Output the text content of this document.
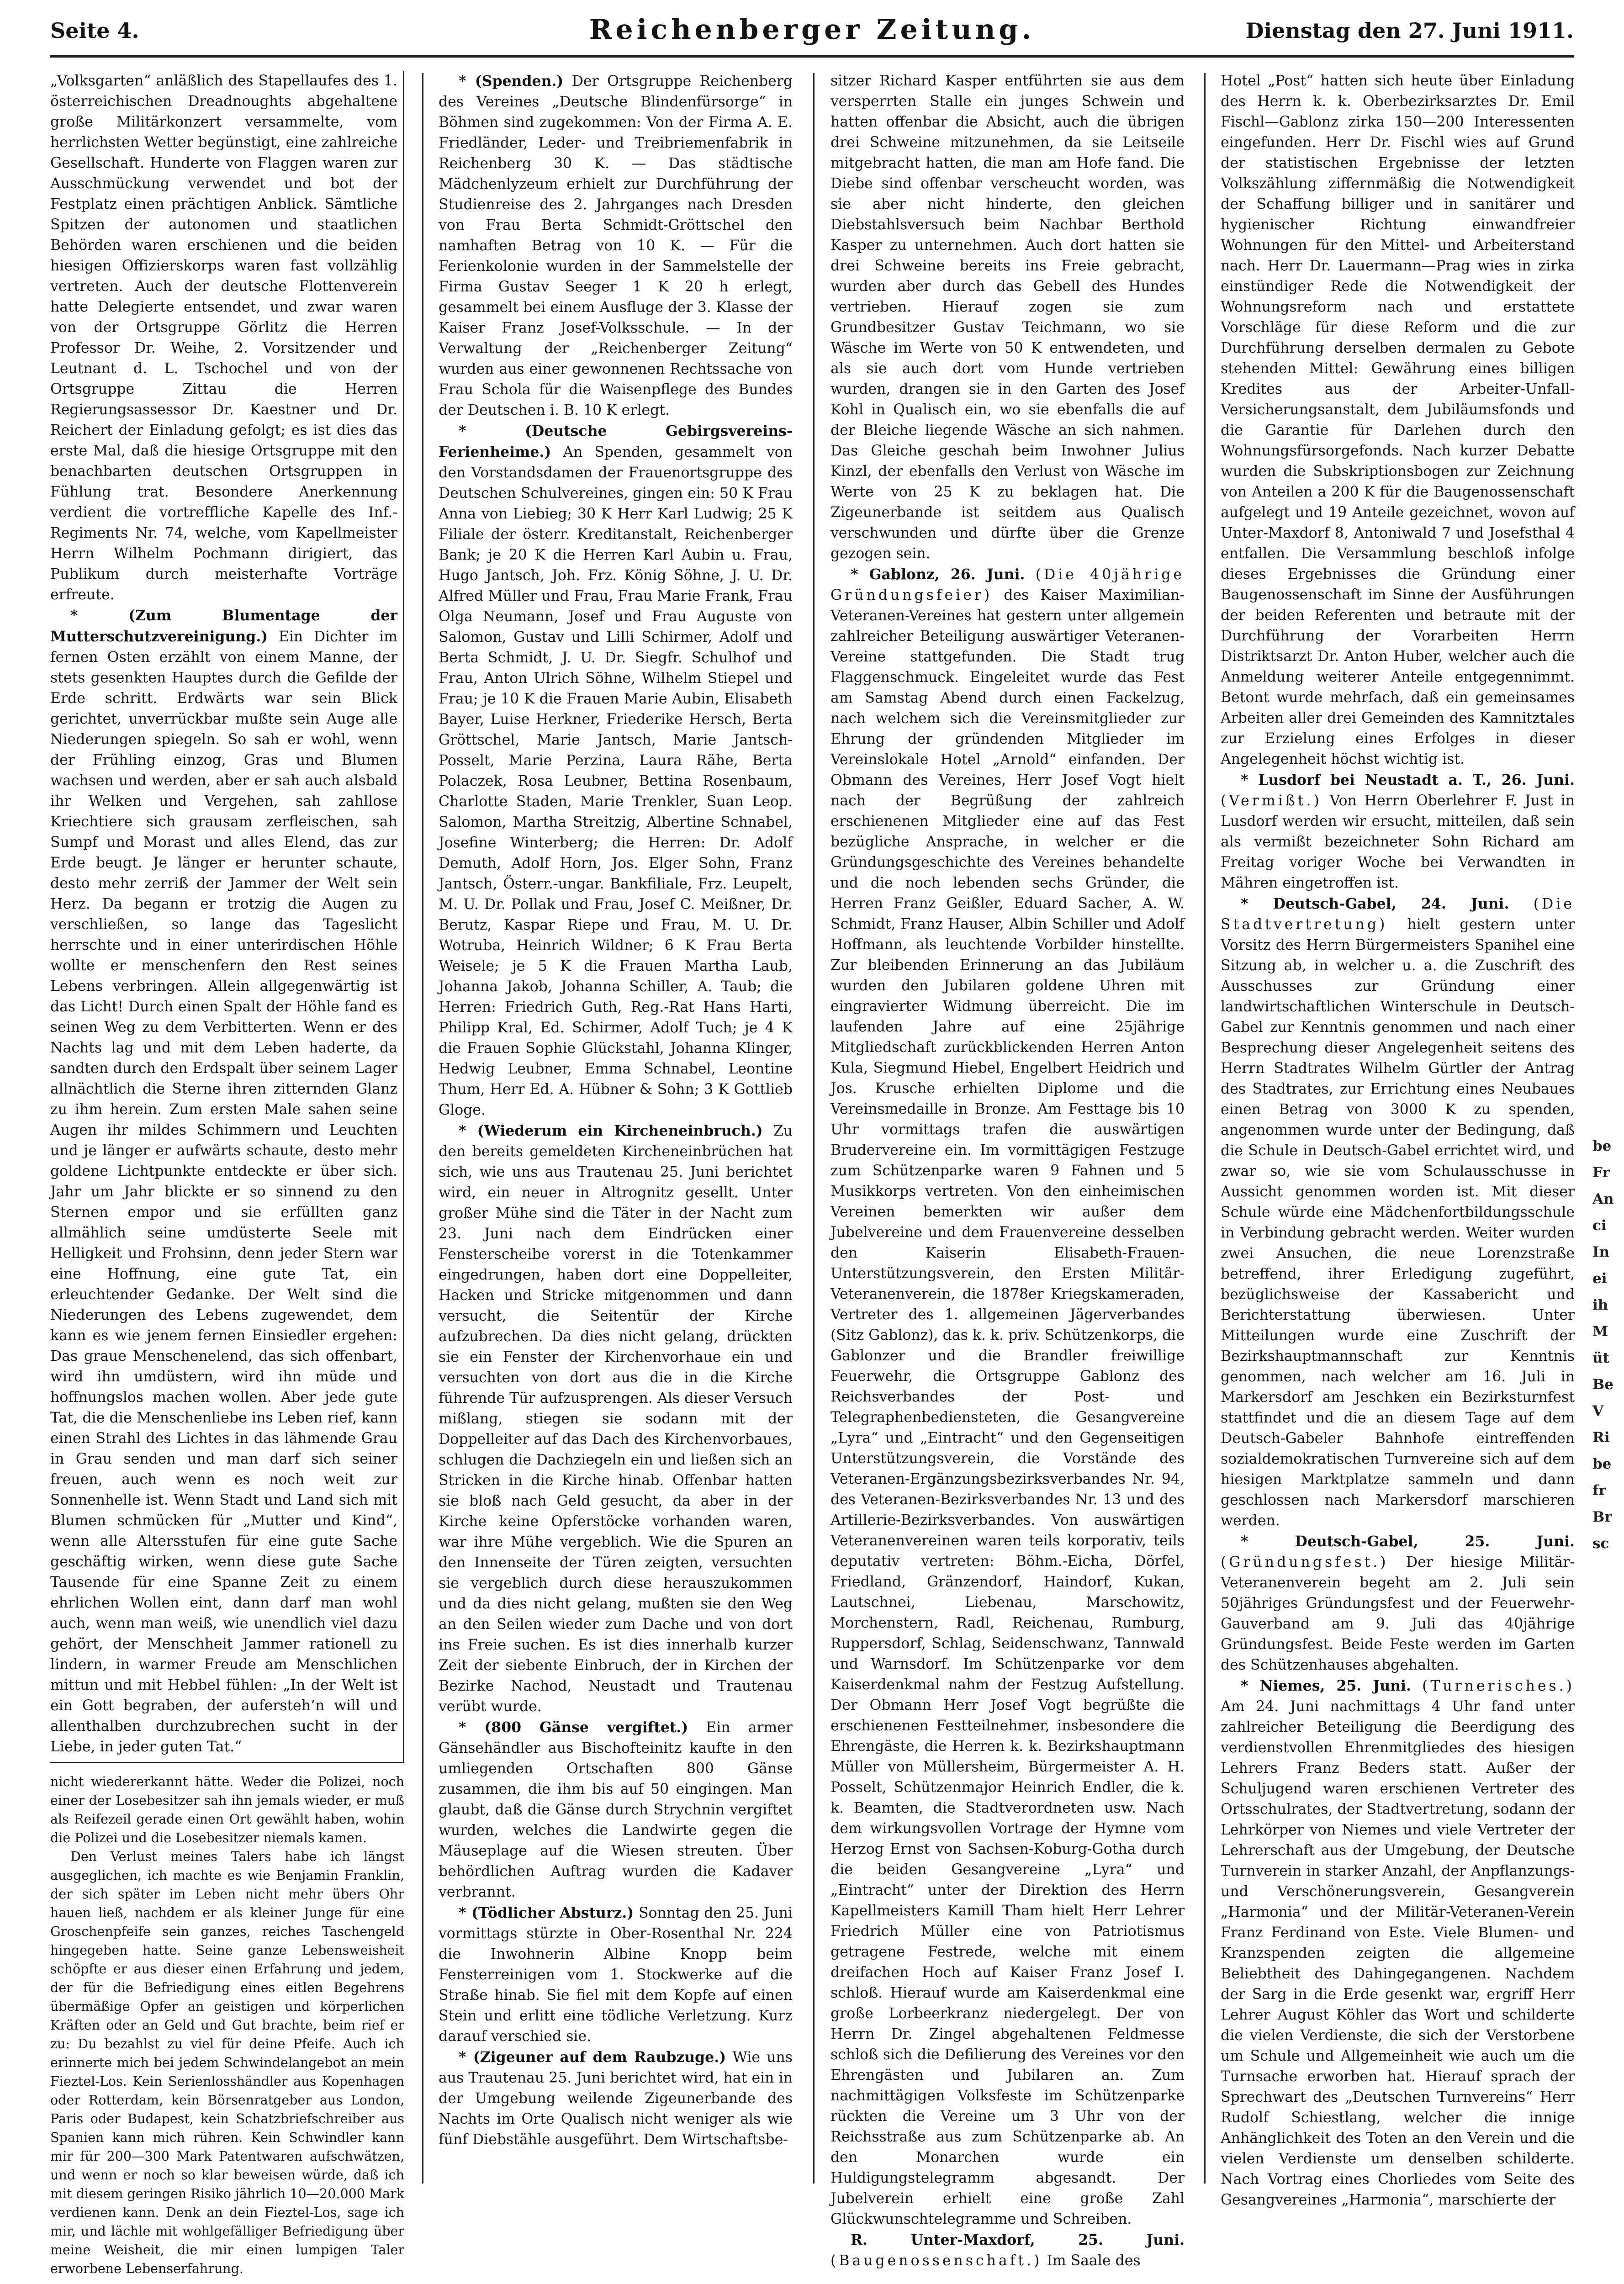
Seite 4.	Reichenberger Zeitung.	Dienstag den 27. Juni 1911.

„Volksgarten“ anläßlich des Stapellaufes des 1. österreichischen Dreadnoughts abgehaltene große Militärkonzert versammelte, vom herrlichsten Wetter begünstigt, eine zahlreiche Gesellschaft. Hunderte von Flaggen waren zur Ausschmückung verwendet und bot der Festplatz einen prächtigen Anblick. Sämtliche Spitzen der autonomen und staatlichen Behörden waren erschienen und die beiden hiesigen Offizierskorps waren fast vollzählig vertreten. Auch der deutsche Flottenverein hatte Delegierte entsendet, und zwar waren von der Ortsgruppe Görlitz die Herren Professor Dr. Weihe, 2. Vorsitzender und Leutnant d. L. Tschochel und von der Ortsgruppe Zittau die Herren Regierungsassessor Dr. Kaestner und Dr. Reichert der Einladung gefolgt; es ist dies das erste Mal, daß die hiesige Ortsgruppe mit den benachbarten deutschen Ortsgruppen in Fühlung trat. Besondere Anerkennung verdient die vortreffliche Kapelle des Inf.-Regiments Nr. 74, welche, vom Kapellmeister Herrn Wilhelm Pochmann dirigiert, das Publikum durch meisterhafte Vorträge erfreute.

* (Zum Blumentage der Mutterschutzvereinigung.) Ein Dichter im fernen Osten erzählt von einem Manne, der stets gesenkten Hauptes durch die Gefilde der Erde schritt. Erdwärts war sein Blick gerichtet, unverrückbar mußte sein Auge alle Niederungen spiegeln. So sah er wohl, wenn der Frühling einzog, Gras und Blumen wachsen und werden, aber er sah auch alsbald ihr Welken und Vergehen, sah zahllose Kriechtiere sich grausam zerfleischen, sah Sumpf und Morast und alles Elend, das zur Erde beugt. Je länger er herunter schaute, desto mehr zerriß der Jammer der Welt sein Herz. Da begann er trotzig die Augen zu verschließen, so lange das Tageslicht herrschte und in einer unterirdischen Höhle wollte er menschenfern den Rest seines Lebens verbringen. Allein allgegenwärtig ist das Licht! Durch einen Spalt der Höhle fand es seinen Weg zu dem Verbitterten. Wenn er des Nachts lag und mit dem Leben haderte, da sandten durch den Erdspalt über seinem Lager allnächtlich die Sterne ihren zitternden Glanz zu ihm herein. Zum ersten Male sahen seine Augen ihr mildes Schimmern und Leuchten und je länger er aufwärts schaute, desto mehr goldene Lichtpunkte entdeckte er über sich. Jahr um Jahr blickte er so sinnend zu den Sternen empor und sie erfüllten ganz allmählich seine umdüsterte Seele mit Helligkeit und Frohsinn, denn jeder Stern war eine Hoffnung, eine gute Tat, ein erleuchtender Gedanke. Der Welt sind die Niederungen des Lebens zugewendet, dem kann es wie jenem fernen Einsiedler ergehen: Das graue Menschenelend, das sich offenbart, wird ihn umdüstern, wird ihn müde und hoffnungslos machen wollen. Aber jede gute Tat, die die Menschenliebe ins Leben rief, kann einen Strahl des Lichtes in das lähmende Grau in Grau senden und man darf sich seiner freuen, auch wenn es noch weit zur Sonnenhelle ist. Wenn Stadt und Land sich mit Blumen schmücken für „Mutter und Kind“, wenn alle Altersstufen für eine gute Sache geschäftig wirken, wenn diese gute Sache Tausende für eine Spanne Zeit zu einem ehrlichen Wollen eint, dann darf man wohl auch, wenn man weiß, wie unendlich viel dazu gehört, der Menschheit Jammer rationell zu lindern, in warmer Freude am Menschlichen mittun und mit Hebbel fühlen: „In der Welt ist ein Gott begraben, der aufersteh’n will und allenthalben durchzubrechen sucht in der Liebe, in jeder guten Tat.“

nicht wiedererkannt hätte. Weder die Polizei, noch einer der Losebesitzer sah ihn jemals wieder, er muß als Reifezeil gerade einen Ort gewählt haben, wohin die Polizei und die Losebesitzer niemals kamen.

Den Verlust meines Talers habe ich längst ausgeglichen, ich machte es wie Benjamin Franklin, der sich später im Leben nicht mehr übers Ohr hauen ließ, nachdem er als kleiner Junge für eine Groschenpfeife sein ganzes, reiches Taschengeld hingegeben hatte. Seine ganze Lebensweisheit schöpfte er aus dieser einen Erfahrung und jedem, der für die Befriedigung eines eitlen Begehrens übermäßige Opfer an geistigen und körperlichen Kräften oder an Geld und Gut brachte, beim rief er zu: Du bezahlst zu viel für deine Pfeife. Auch ich erinnerte mich bei jedem Schwindelangebot an mein Fieztel-Los. Kein Serienlosshändler aus Kopenhagen oder Rotterdam, kein Börsenratgeber aus London, Paris oder Budapest, kein Schatzbriefschreiber aus Spanien kann mich rühren. Kein Schwindler kann mir für 200—300 Mark Patentwaren aufschwätzen, und wenn er noch so klar beweisen würde, daß ich mit diesem geringen Risiko jährlich 10—20.000 Mark verdienen kann. Denk an dein Fieztel-Los, sage ich mir, und lächle mit wohlgefälliger Befriedigung über meine Weisheit, die mir einen lumpigen Taler erworbene Lebenserfahrung.

* (Spenden.) Der Ortsgruppe Reichenberg des Vereines „Deutsche Blindenfürsorge“ in Böhmen sind zugekommen: Von der Firma A. E. Friedländer, Leder- und Treibriemenfabrik in Reichenberg 30 K. — Das städtische Mädchenlyzeum erhielt zur Durchführung der Studienreise des 2. Jahrganges nach Dresden von Frau Berta Schmidt-Gröttschel den namhaften Betrag von 10 K. — Für die Ferienkolonie wurden in der Sammelstelle der Firma Gustav Seeger 1 K 20 h erlegt, gesammelt bei einem Ausfluge der 3. Klasse der Kaiser Franz Josef-Volksschule. — In der Verwaltung der „Reichenberger Zeitung“ wurden aus einer gewonnenen Rechtssache von Frau Schola für die Waisenpflege des Bundes der Deutschen i. B. 10 K erlegt.

* (Deutsche Gebirgsvereins-Ferienheime.) An Spenden, gesammelt von den Vorstandsdamen der Frauenortsgruppe des Deutschen Schulvereines, gingen ein: 50 K Frau Anna von Liebieg; 30 K Herr Karl Ludwig; 25 K Filiale der österr. Kreditanstalt, Reichenberger Bank; je 20 K die Herren Karl Aubin u. Frau, Hugo Jantsch, Joh. Frz. König Söhne, J. U. Dr. Alfred Müller und Frau, Frau Marie Frank, Frau Olga Neumann, Josef und Frau Auguste von Salomon, Gustav und Lilli Schirmer, Adolf und Berta Schmidt, J. U. Dr. Siegfr. Schulhof und Frau, Anton Ulrich Söhne, Wilhelm Stiepel und Frau; je 10 K die Frauen Marie Aubin, Elisabeth Bayer, Luise Herkner, Friederike Hersch, Berta Gröttschel, Marie Jantsch, Marie Jantsch-Posselt, Marie Perzina, Laura Rähe, Berta Polaczek, Rosa Leubner, Bettina Rosenbaum, Charlotte Staden, Marie Trenkler, Suan Leop. Salomon, Martha Streitzig, Albertine Schnabel, Josefine Winterberg; die Herren: Dr. Adolf Demuth, Adolf Horn, Jos. Elger Sohn, Franz Jantsch, Österr.-ungar. Bankfiliale, Frz. Leupelt, M. U. Dr. Pollak und Frau, Josef C. Meißner, Dr. Berutz, Kaspar Riepe und Frau, M. U. Dr. Wotruba, Heinrich Wildner; 6 K Frau Berta Weisele; je 5 K die Frauen Martha Laub, Johanna Jakob, Johanna Schiller, A. Taub; die Herren: Friedrich Guth, Reg.-Rat Hans Harti, Philipp Kral, Ed. Schirmer, Adolf Tuch; je 4 K die Frauen Sophie Glückstahl, Johanna Klinger, Hedwig Leubner, Emma Schnabel, Leontine Thum, Herr Ed. A. Hübner & Sohn; 3 K Gottlieb Gloge.

* (Wiederum ein Kircheneinbruch.) Zu den bereits gemeldeten Kircheneinbrüchen hat sich, wie uns aus Trautenau 25. Juni berichtet wird, ein neuer in Altrognitz gesellt. Unter großer Mühe sind die Täter in der Nacht zum 23. Juni nach dem Eindrücken einer Fensterscheibe vorerst in die Totenkammer eingedrungen, haben dort eine Doppelleiter, Hacken und Stricke mitgenommen und dann versucht, die Seitentür der Kirche aufzubrechen. Da dies nicht gelang, drückten sie ein Fenster der Kirchenvorhaue ein und versuchten von dort aus die in die Kirche führende Tür aufzusprengen. Als dieser Versuch mißlang, stiegen sie sodann mit der Doppelleiter auf das Dach des Kirchenvorbaues, schlugen die Dachziegeln ein und ließen sich an Stricken in die Kirche hinab. Offenbar hatten sie bloß nach Geld gesucht, da aber in der Kirche keine Opferstöcke vorhanden waren, war ihre Mühe vergeblich. Wie die Spuren an den Innenseite der Türen zeigten, versuchten sie vergeblich durch diese herauszukommen und da dies nicht gelang, mußten sie den Weg an den Seilen wieder zum Dache und von dort ins Freie suchen. Es ist dies innerhalb kurzer Zeit der siebente Einbruch, der in Kirchen der Bezirke Nachod, Neustadt und Trautenau verübt wurde.

* (800 Gänse vergiftet.) Ein armer Gänsehändler aus Bischofteinitz kaufte in den umliegenden Ortschaften 800 Gänse zusammen, die ihm bis auf 50 eingingen. Man glaubt, daß die Gänse durch Strychnin vergiftet wurden, welches die Landwirte gegen die Mäuseplage auf die Wiesen streuten. Über behördlichen Auftrag wurden die Kadaver verbrannt.

* (Tödlicher Absturz.) Sonntag den 25. Juni vormittags stürzte in Ober-Rosenthal Nr. 224 die Inwohnerin Albine Knopp beim Fensterreinigen vom 1. Stockwerke auf die Straße hinab. Sie fiel mit dem Kopfe auf einen Stein und erlitt eine tödliche Verletzung. Kurz darauf verschied sie.

* (Zigeuner auf dem Raubzuge.) Wie uns aus Trautenau 25. Juni berichtet wird, hat ein in der Umgebung weilende Zigeunerbande des Nachts im Orte Qualisch nicht weniger als wie fünf Diebstähle ausgeführt. Dem Wirtschaftsbe-

sitzer Richard Kasper entführten sie aus dem versperrten Stalle ein junges Schwein und hatten offenbar die Absicht, auch die übrigen drei Schweine mitzunehmen, da sie Leitseile mitgebracht hatten, die man am Hofe fand. Die Diebe sind offenbar verscheucht worden, was sie aber nicht hinderte, den gleichen Diebstahlsversuch beim Nachbar Berthold Kasper zu unternehmen. Auch dort hatten sie drei Schweine bereits ins Freie gebracht, wurden aber durch das Gebell des Hundes vertrieben. Hierauf zogen sie zum Grundbesitzer Gustav Teichmann, wo sie Wäsche im Werte von 50 K entwendeten, und als sie auch dort vom Hunde vertrieben wurden, drangen sie in den Garten des Josef Kohl in Qualisch ein, wo sie ebenfalls die auf der Bleiche liegende Wäsche an sich nahmen. Das Gleiche geschah beim Inwohner Julius Kinzl, der ebenfalls den Verlust von Wäsche im Werte von 25 K zu beklagen hat. Die Zigeunerbande ist seitdem aus Qualisch verschwunden und dürfte über die Grenze gezogen sein.

* Gablonz, 26. Juni. (Die 40jährige Gründungsfeier) des Kaiser Maximilian-Veteranen-Vereines hat gestern unter allgemein zahlreicher Beteiligung auswärtiger Veteranen-Vereine stattgefunden. Die Stadt trug Flaggenschmuck. Eingeleitet wurde das Fest am Samstag Abend durch einen Fackelzug, nach welchem sich die Vereinsmitglieder zur Ehrung der gründenden Mitglieder im Vereinslokale Hotel „Arnold“ einfanden. Der Obmann des Vereines, Herr Josef Vogt hielt nach der Begrüßung der zahlreich erschienenen Mitglieder eine auf das Fest bezügliche Ansprache, in welcher er die Gründungsgeschichte des Vereines behandelte und die noch lebenden sechs Gründer, die Herren Franz Geißler, Eduard Sacher, A. W. Schmidt, Franz Hauser, Albin Schiller und Adolf Hoffmann, als leuchtende Vorbilder hinstellte. Zur bleibenden Erinnerung an das Jubiläum wurden den Jubilaren goldene Uhren mit eingravierter Widmung überreicht. Die im laufenden Jahre auf eine 25jährige Mitgliedschaft zurückblickenden Herren Anton Kula, Siegmund Hiebel, Engelbert Heidrich und Jos. Krusche erhielten Diplome und die Vereinsmedaille in Bronze. Am Festtage bis 10 Uhr vormittags trafen die auswärtigen Brudervereine ein. Im vormittägigen Festzuge zum Schützenparke waren 9 Fahnen und 5 Musikkorps vertreten. Von den einheimischen Vereinen bemerkten wir außer dem Jubelvereine und dem Frauenvereine desselben den Kaiserin Elisabeth-Frauen-Unterstützungsverein, den Ersten Militär-Veteranenverein, die 1878er Kriegskameraden, Vertreter des 1. allgemeinen Jägerverbandes (Sitz Gablonz), das k. k. priv. Schützenkorps, die Gablonzer und die Brandler freiwillige Feuerwehr, die Ortsgruppe Gablonz des Reichsverbandes der Post- und Telegraphenbediensteten, die Gesangvereine „Lyra“ und „Eintracht“ und den Gegenseitigen Unterstützungsverein, die Vorstände des Veteranen-Ergänzungsbezirksverbandes Nr. 94, des Veteranen-Bezirksverbandes Nr. 13 und des Artillerie-Bezirksverbandes. Von auswärtigen Veteranenvereinen waren teils korporativ, teils deputativ vertreten: Böhm.-Eicha, Dörfel, Friedland, Gränzendorf, Haindorf, Kukan, Lautschnei, Liebenau, Marschowitz, Morchenstern, Radl, Reichenau, Rumburg, Ruppersdorf, Schlag, Seidenschwanz, Tannwald und Warnsdorf. Im Schützenparke vor dem Kaiserdenkmal nahm der Festzug Aufstellung. Der Obmann Herr Josef Vogt begrüßte die erschienenen Festteilnehmer, insbesondere die Ehrengäste, die Herren k. k. Bezirkshauptmann Müller von Müllersheim, Bürgermeister A. H. Posselt, Schützenmajor Heinrich Endler, die k. k. Beamten, die Stadtverordneten usw. Nach dem wirkungsvollen Vortrage der Hymne vom Herzog Ernst von Sachsen-Koburg-Gotha durch die beiden Gesangvereine „Lyra“ und „Eintracht“ unter der Direktion des Herrn Kapellmeisters Kamill Tham hielt Herr Lehrer Friedrich Müller eine von Patriotismus getragene Festrede, welche mit einem dreifachen Hoch auf Kaiser Franz Josef I. schloß. Hierauf wurde am Kaiserdenkmal eine große Lorbeerkranz niedergelegt. Der von Herrn Dr. Zingel abgehaltenen Feldmesse schloß sich die Defilierung des Vereines vor den Ehrengästen und Jubilaren an. Zum nachmittägigen Volksfeste im Schützenparke rückten die Vereine um 3 Uhr von der Reichsstraße aus zum Schützenparke ab. An den Monarchen wurde ein Huldigungstelegramm abgesandt. Der Jubelverein erhielt eine große Zahl Glückwunschtelegramme und Schreiben.

R. Unter-Maxdorf, 25. Juni. (Baugenossenschaft.) Im Saale des

Hotel „Post“ hatten sich heute über Einladung des Herrn k. k. Oberbezirksarztes Dr. Emil Fischl—Gablonz zirka 150—200 Interessenten eingefunden. Herr Dr. Fischl wies auf Grund der statistischen Ergebnisse der letzten Volkszählung ziffernmäßig die Notwendigkeit der Schaffung billiger und in sanitärer und hygienischer Richtung einwandfreier Wohnungen für den Mittel- und Arbeiterstand nach. Herr Dr. Lauermann—Prag wies in zirka einstündiger Rede die Notwendigkeit der Wohnungsreform nach und erstattete Vorschläge für diese Reform und die zur Durchführung derselben dermalen zu Gebote stehenden Mittel: Gewährung eines billigen Kredites aus der Arbeiter-Unfall-Versicherungsanstalt, dem Jubiläumsfonds und die Garantie für Darlehen durch den Wohnungsfürsorgefonds. Nach kurzer Debatte wurden die Subskriptionsbogen zur Zeichnung von Anteilen a 200 K für die Baugenossenschaft aufgelegt und 19 Anteile gezeichnet, wovon auf Unter-Maxdorf 8, Antoniwald 7 und Josefsthal 4 entfallen. Die Versammlung beschloß infolge dieses Ergebnisses die Gründung einer Baugenossenschaft im Sinne der Ausführungen der beiden Referenten und betraute mit der Durchführung der Vorarbeiten Herrn Distriktsarzt Dr. Anton Huber, welcher auch die Anmeldung weiterer Anteile entgegennimmt. Betont wurde mehrfach, daß ein gemeinsames Arbeiten aller drei Gemeinden des Kamnitztales zur Erzielung eines Erfolges in dieser Angelegenheit höchst wichtig ist.

* Lusdorf bei Neustadt a. T., 26. Juni. (Vermißt.) Von Herrn Oberlehrer F. Just in Lusdorf werden wir ersucht, mitteilen, daß sein als vermißt bezeichneter Sohn Richard am Freitag voriger Woche bei Verwandten in Mähren eingetroffen ist.

* Deutsch-Gabel, 24. Juni. (Die Stadtvertretung) hielt gestern unter Vorsitz des Herrn Bürgermeisters Spanihel eine Sitzung ab, in welcher u. a. die Zuschrift des Ausschusses zur Gründung einer landwirtschaftlichen Winterschule in Deutsch-Gabel zur Kenntnis genommen und nach einer Besprechung dieser Angelegenheit seitens des Herrn Stadtrates Wilhelm Gürtler der Antrag des Stadtrates, zur Errichtung eines Neubaues einen Betrag von 3000 K zu spenden, angenommen wurde unter der Bedingung, daß die Schule in Deutsch-Gabel errichtet wird, und zwar so, wie sie vom Schulausschusse in Aussicht genommen worden ist. Mit dieser Schule würde eine Mädchenfortbildungsschule in Verbindung gebracht werden. Weiter wurden zwei Ansuchen, die neue Lorenzstraße betreffend, ihrer Erledigung zugeführt, bezüglichsweise der Kassabericht und Berichterstattung überwiesen. Unter Mitteilungen wurde eine Zuschrift der Bezirkshauptmannschaft zur Kenntnis genommen, nach welcher am 16. Juli in Markersdorf am Jeschken ein Bezirksturnfest stattfindet und die an diesem Tage auf dem Deutsch-Gabeler Bahnhofe eintreffenden sozialdemokratischen Turnvereine sich auf dem hiesigen Marktplatze sammeln und dann geschlossen nach Markersdorf marschieren werden.

* Deutsch-Gabel, 25. Juni. (Gründungsfest.) Der hiesige Militär-Veteranenverein begeht am 2. Juli sein 50jähriges Gründungsfest und der Feuerwehr-Gauverband am 9. Juli das 40jährige Gründungsfest. Beide Feste werden im Garten des Schützenhauses abgehalten.

* Niemes, 25. Juni. (Turnerisches.) Am 24. Juni nachmittags 4 Uhr fand unter zahlreicher Beteiligung die Beerdigung des verdienstvollen Ehrenmitgliedes des hiesigen Lehrers Franz Beders statt. Außer der Schuljugend waren erschienen Vertreter des Ortsschulrates, der Stadtvertretung, sodann der Lehrkörper von Niemes und viele Vertreter der Lehrerschaft aus der Umgebung, der Deutsche Turnverein in starker Anzahl, der Anpflanzungs- und Verschönerungsverein, Gesangverein „Harmonia“ und der Militär-Veteranen-Verein Franz Ferdinand von Este. Viele Blumen- und Kranzspenden zeigten die allgemeine Beliebtheit des Dahingegangenen. Nachdem der Sarg in die Erde gesenkt war, ergriff Herr Lehrer August Köhler das Wort und schilderte die vielen Verdienste, die sich der Verstorbene um Schule und Allgemeinheit wie auch um die Turnsache erworben hat. Hierauf sprach der Sprechwart des „Deutschen Turnvereins“ Herr Rudolf Schiestlang, welcher die innige Anhänglichkeit des Toten an den Verein und die vielen Verdienste um denselben schilderte. Nach Vortrag eines Chorliedes vom Seite des Gesangvereines „Harmonia“, marschierte der

be
Fr
An
ci
In
ei
ih
M
üt
Be
V
Ri
be
fr
Br
sc
